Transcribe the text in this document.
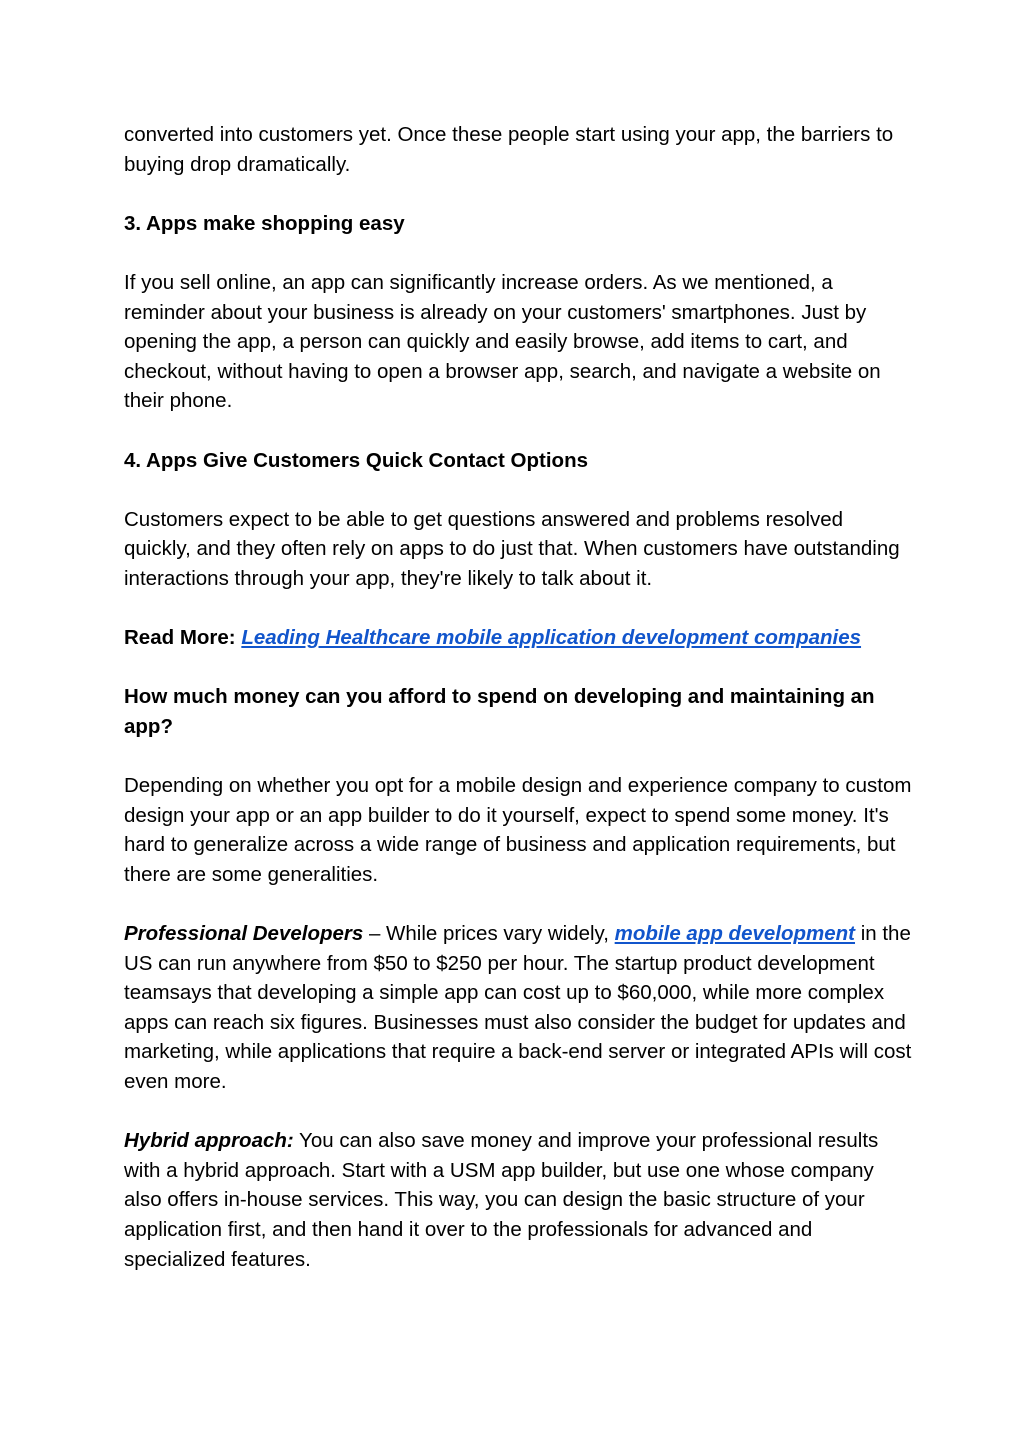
converted into customers yet. Once these people start using your app, the barriers to buying drop dramatically.

3. Apps make shopping easy

If you sell online, an app can significantly increase orders. As we mentioned, a reminder about your business is already on your customers' smartphones. Just by opening the app, a person can quickly and easily browse, add items to cart, and checkout, without having to open a browser app, search, and navigate a website on their phone.

4. Apps Give Customers Quick Contact Options

Customers expect to be able to get questions answered and problems resolved quickly, and they often rely on apps to do just that. When customers have outstanding interactions through your app, they're likely to talk about it.

Read More: Leading Healthcare mobile application development companies

How much money can you afford to spend on developing and maintaining an app?

Depending on whether you opt for a mobile design and experience company to custom design your app or an app builder to do it yourself, expect to spend some money. It's hard to generalize across a wide range of business and application requirements, but there are some generalities.

Professional Developers – While prices vary widely, mobile app development in the US can run anywhere from $50 to $250 per hour. The startup product development teamsays that developing a simple app can cost up to $60,000, while more complex apps can reach six figures. Businesses must also consider the budget for updates and marketing, while applications that require a back-end server or integrated APIs will cost even more.

Hybrid approach: You can also save money and improve your professional results with a hybrid approach. Start with a USM app builder, but use one whose company also offers in-house services. This way, you can design the basic structure of your application first, and then hand it over to the professionals for advanced and specialized features.
